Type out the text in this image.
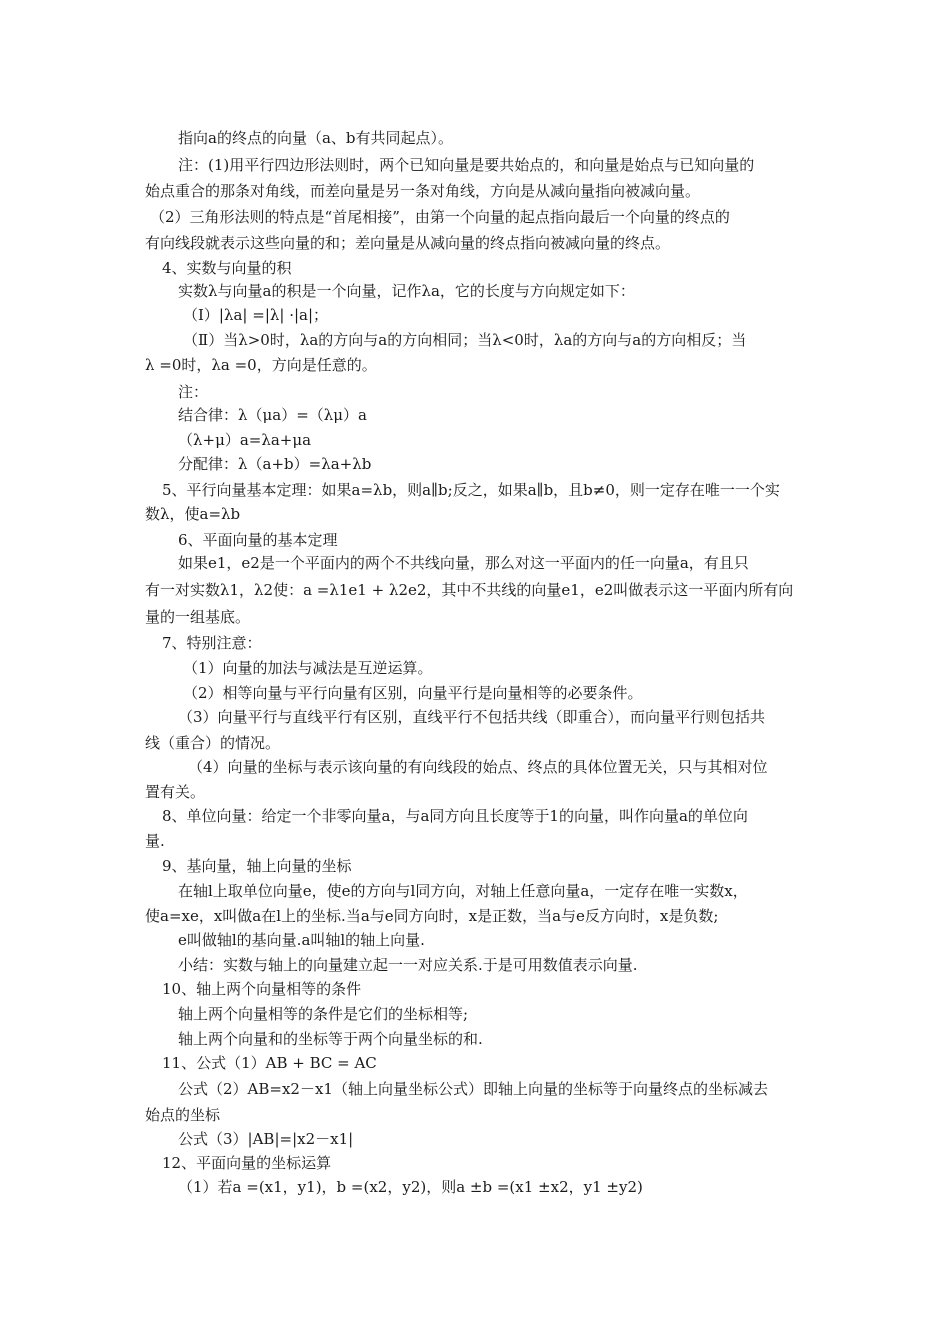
指向a的终点的向量（a、b有共同起点）。
注：(1)用平行四边形法则时，两个已知向量是要共始点的，和向量是始点与已知向量的
始点重合的那条对角线，而差向量是另一条对角线，方向是从减向量指向被减向量。
（2）三角形法则的特点是“首尾相接”，由第一个向量的起点指向最后一个向量的终点的
有向线段就表示这些向量的和；差向量是从减向量的终点指向被减向量的终点。
4、实数与向量的积
实数λ与向量a的积是一个向量，记作λa，它的长度与方向规定如下：
（Ⅰ）|λa| =|λ| ·|a|；
（Ⅱ）当λ>0时，λa的方向与a的方向相同；当λ<0时，λa的方向与a的方向相反；当
λ =0时，λa =0，方向是任意的。
注：
结合律：λ（μa）=（λμ）a
（λ+μ）a=λa+μa
分配律：λ（a+b）=λa+λb
5、平行向量基本定理：如果a=λb，则a∥b;反之，如果a∥b，且b≠0，则一定存在唯一一个实
数λ，使a=λb
6、平面向量的基本定理
如果e1，e2是一个平面内的两个不共线向量，那么对这一平面内的任一向量a，有且只
有一对实数λ1，λ2使：a =λ1e1 + λ2e2，其中不共线的向量e1，e2叫做表示这一平面内所有向
量的一组基底。
7、特别注意：
（1）向量的加法与减法是互逆运算。
（2）相等向量与平行向量有区别，向量平行是向量相等的必要条件。
（3）向量平行与直线平行有区别，直线平行不包括共线（即重合），而向量平行则包括共
线（重合）的情况。
（4）向量的坐标与表示该向量的有向线段的始点、终点的具体位置无关，只与其相对位
置有关。
8、单位向量：给定一个非零向量a，与a同方向且长度等于1的向量，叫作向量a的单位向
量.
9、基向量，轴上向量的坐标
在轴l上取单位向量e，使e的方向与l同方向，对轴上任意向量a，一定存在唯一实数x，
使a=xe，x叫做a在l上的坐标.当a与e同方向时，x是正数，当a与e反方向时，x是负数;
e叫做轴l的基向量.a叫轴l的轴上向量.
小结：实数与轴上的向量建立起一一对应关系.于是可用数值表示向量.
10、轴上两个向量相等的条件
轴上两个向量相等的条件是它们的坐标相等;
轴上两个向量和的坐标等于两个向量坐标的和.
11、公式（1）AB + BC = AC
公式（2）AB=x2－x1（轴上向量坐标公式）即轴上向量的坐标等于向量终点的坐标减去
始点的坐标
公式（3）|AB|=|x2－x1|
12、平面向量的坐标运算
（1）若a =(x1，y1)，b =(x2，y2)，则a ±b =(x1 ±x2，y1 ±y2)
